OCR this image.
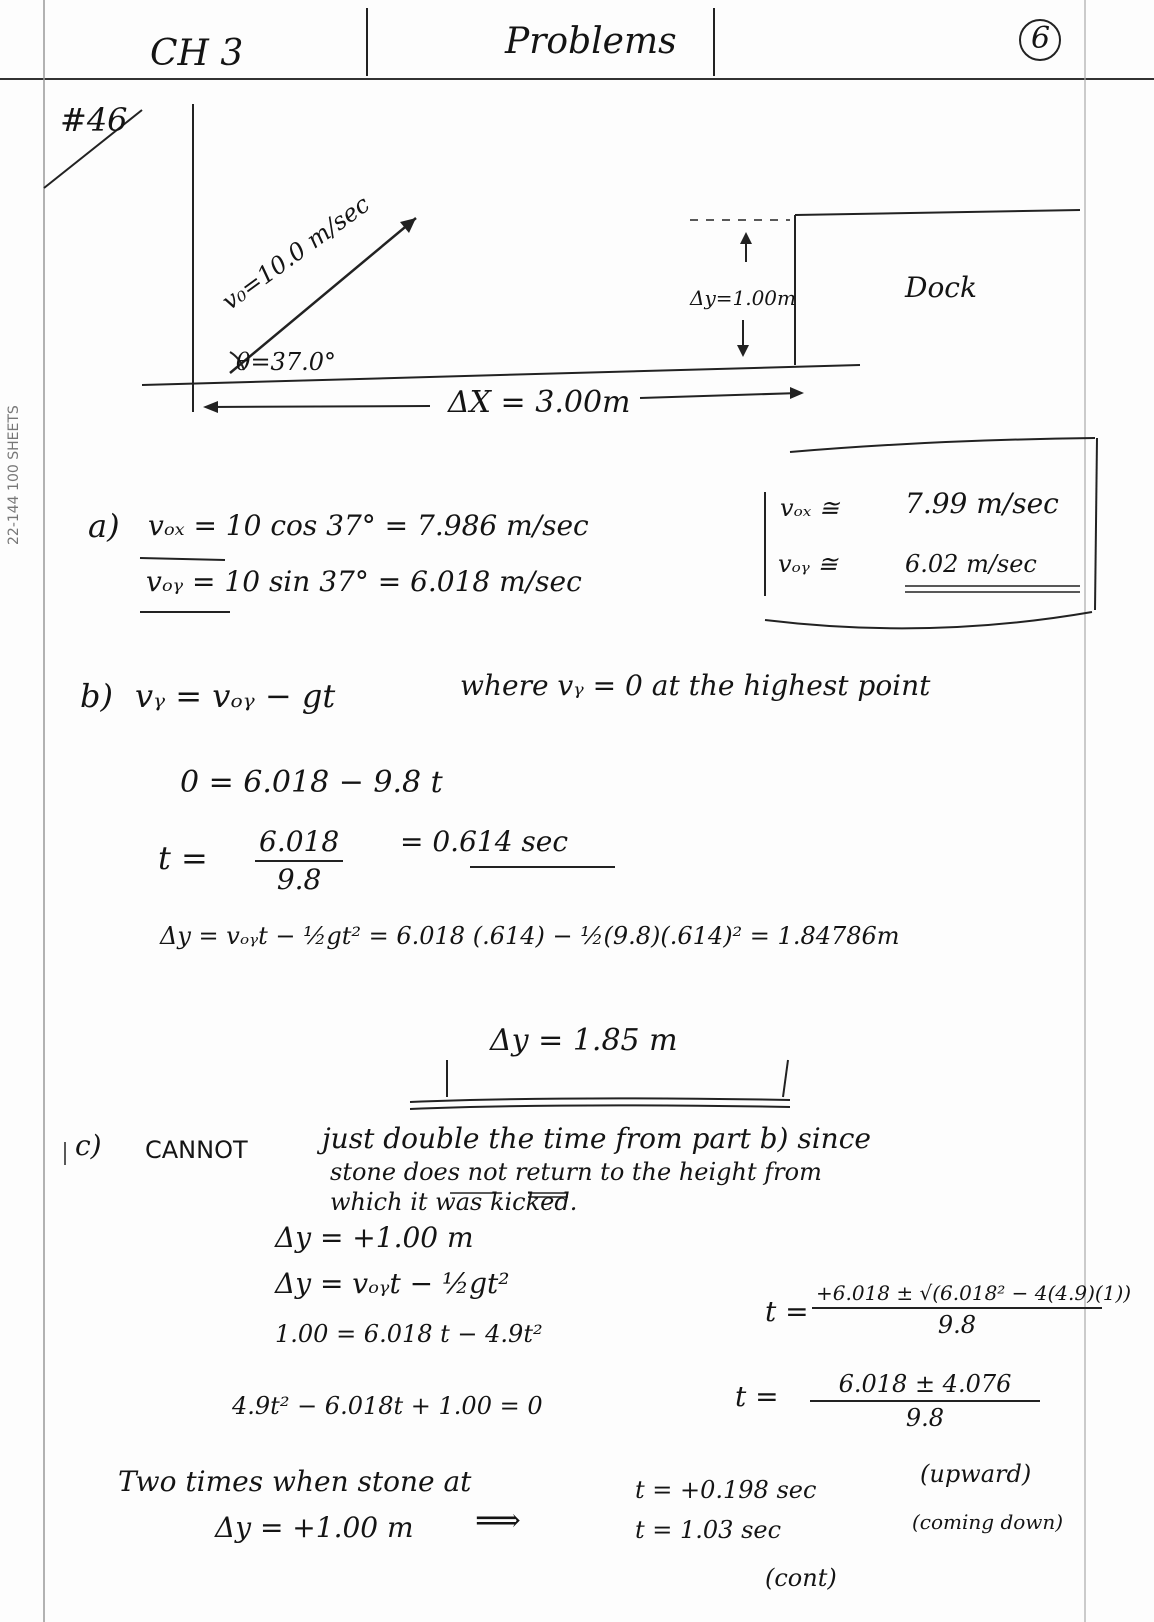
22-144 100 SHEETS
CH 3	Problems	6
#46
v₀=10.0 m/sec
θ=37.0°
Δy=1.00m	Dock
ΔX = 3.00m
a) vₒₓ = 10 cos 37° = 7.986 m/sec
vₒᵧ = 10 sin 37° = 6.018 m/sec
vₒₓ ≅ 7.99 m/sec
vₒᵧ ≅	6.02 m/sec
b) vᵧ = vₒᵧ − gt	where vᵧ = 0 at the highest point
0 = 6.018 − 9.8 t
$t = \frac{6.018}{9.8} = 0.614$ sec
Δy = vₒᵧt − ½gt² = 6.018 (.614) − ½(9.8)(.614)² = 1.84786m
Δy = 1.85 m
c) CANNOT	just double the time from part b) since
stone does not return to the height from
which it was kicked.
Δy = +1.00 m
Δy = vₒᵧt − ½gt²
1.00 = 6.018 t − 4.9t²
4.9t² − 6.018t + 1.00 = 0
t =
+6.018 ± √(6.018² − 4(4.9)(1))
9.8
$t = \frac{6.018 \pm 4.076}{9.8}$
Two times when stone at
Δy = +1.00 m ⟹
t = +0.198 sec
(upward)
t = 1.03 sec	(coming down)
(cont)
